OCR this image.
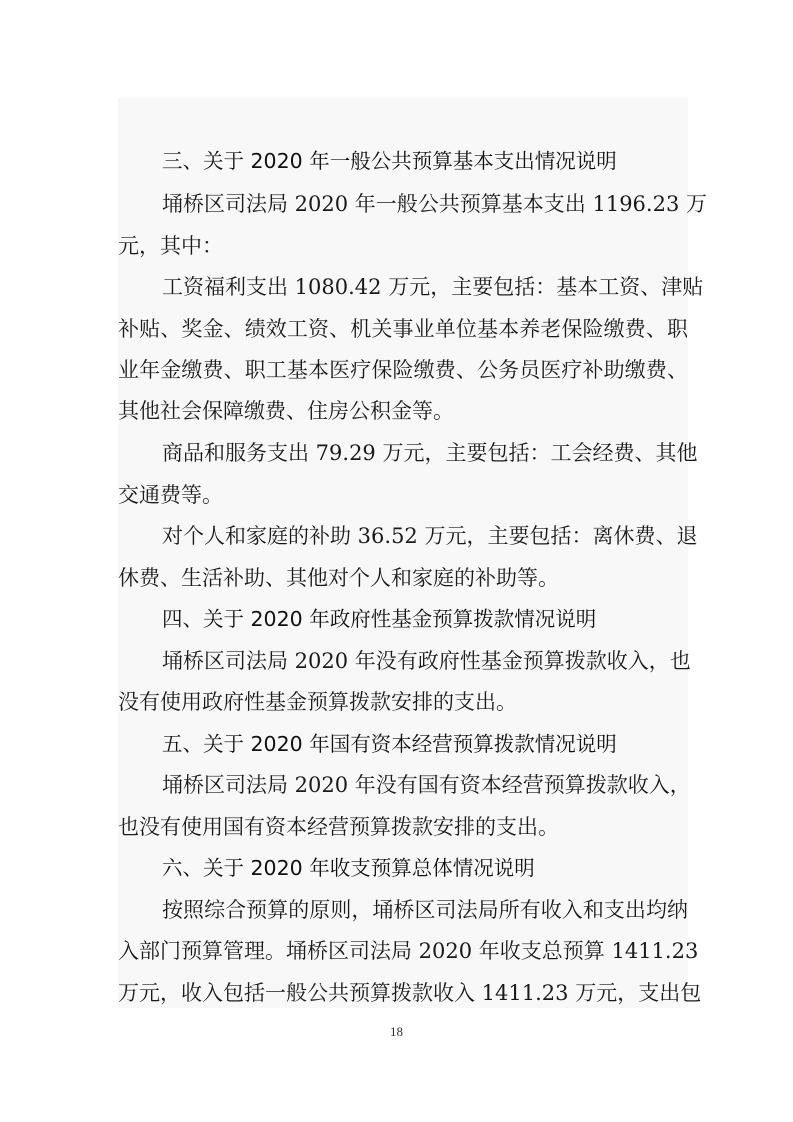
三、关于 2020 年一般公共预算基本支出情况说明
埇桥区司法局 2020 年一般公共预算基本支出 1196.23 万
元，其中：
工资福利支出 1080.42 万元，主要包括：基本工资、津贴
补贴、奖金、绩效工资、机关事业单位基本养老保险缴费、职
业年金缴费、职工基本医疗保险缴费、公务员医疗补助缴费、
其他社会保障缴费、住房公积金等。
商品和服务支出 79.29 万元，主要包括：工会经费、其他
交通费等。
对个人和家庭的补助 36.52 万元，主要包括：离休费、退
休费、生活补助、其他对个人和家庭的补助等。
四、关于 2020 年政府性基金预算拨款情况说明
埇桥区司法局 2020 年没有政府性基金预算拨款收入，也
没有使用政府性基金预算拨款安排的支出。
五、关于 2020 年国有资本经营预算拨款情况说明
埇桥区司法局 2020 年没有国有资本经营预算拨款收入，
也没有使用国有资本经营预算拨款安排的支出。
六、关于 2020 年收支预算总体情况说明
按照综合预算的原则，埇桥区司法局所有收入和支出均纳
入部门预算管理。埇桥区司法局 2020 年收支总预算 1411.23
万元，收入包括一般公共预算拨款收入 1411.23 万元，支出包
18
